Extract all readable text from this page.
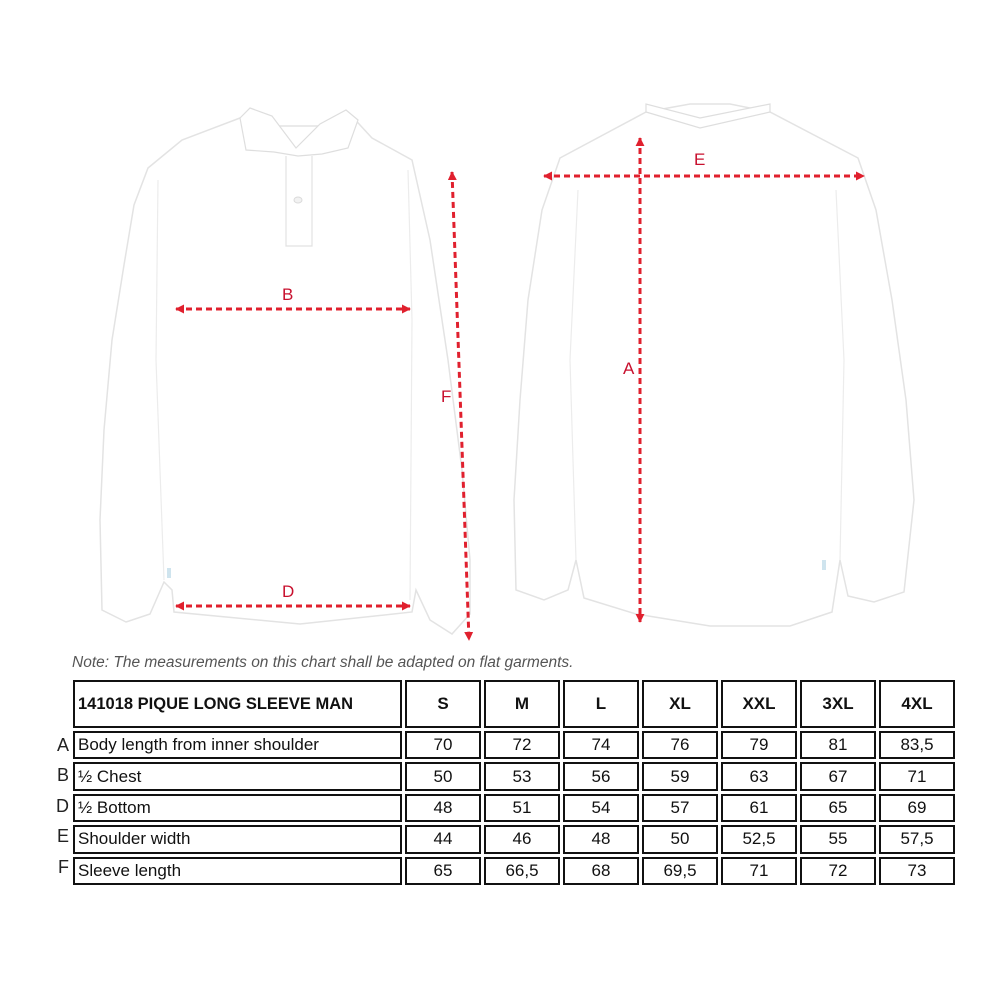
B
D
F
E
A
Note: The measurements on this chart shall be adapted on flat garments.
A
B
D
E
F
141018 PIQUE LONG SLEEVE MAN	S	M	L	XL	XXL	3XL	4XL
Body length from inner shoulder	70	72	74	76	79	81	83,5
½ Chest	50	53	56	59	63	67	71
½ Bottom	48	51	54	57	61	65	69
Shoulder width	44	46	48	50	52,5	55	57,5
Sleeve length	65	66,5	68	69,5	71	72	73
